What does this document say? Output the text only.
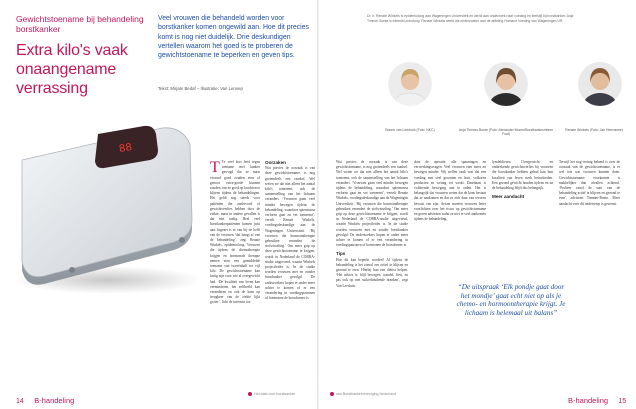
Gewichtstoename bij behandeling borstkanker
Extra kilo's vaak onaangename verrassing
Veel vrouwen die behandeld worden voor borstkanker komen ongewild aan. Hoe dit precies komt is nog niet duidelijk. Drie deskundigen vertellen waarom het goed is te proberen de gewichtstoename te beperken en geven tips.
Tekst: Mirjam Bedaf – Illustratie: Van Lennep
88
T Te veel kort leed tegen toename met kanker gewogd dat ze maar vrouwd goed zouden eten of genoot extra-goede kunnen zouden, om ze goed op krachten te blijven tijdens de behandelingen. Het geldt nog steeds voor patiënten die ondervoed of gewichtsverlies hebben door de ziekte, maar in andere gevallen is dat niet nodig. Heel veel borstkankerpatiënten komen juist aan. Ingezet is er van bij de helft van de vrouwen ‘dat hangt af van de behandeling’, zegt Renate Winkels, epidemioloog. Vrouwen die tijdens de chemotherapie krijgen en hormonale therapie nemen zien een gemiddelde toename van tweeënhalf tot vijf kilo. De gewichtstoename kan lastig zijn voor wie al overgewicht had. ‘De kwaliteit van leven kan verminderen, het zelfbeeld kan veranderen en ook de kans op terugkeer van de ziekte lijkt groter’, licht de internist toe.
Oorzaken
Wat precies de oorzaak is van deze gewichtstoename, is nog grotendeels een raadsel. Wel weten we dat niet alleen het aantal kilo's toeneemt, ook de samenstelling van het lichaam verandert. ‘Vrouwen gaan veel minder bewegen tijdens de behandeling, waardoor spiermassa verloren gaat en vet toeneemt’, vertelt Renate Winkels, voedingsdeskundige aan de Wageningen Universiteit. ‘Bij vrouwen die hormoontherapie gebruiken verandert de stofwisseling.’ Om meer grip op deze gewichtstoename te krijgen, wordt in Nederland de COBRA-studie uitgevoerd, waarin Winkels projectleider is. In de studie worden vrouwen met en zonder borstkanker gevolgd. De onderzoekers hopen er onder meer achter te komen of er een verandering in voedingspatronen of hormonen de boosdoener is.
14 B-handeling
Het blad over borstkanker
Dr. Ir. Renate Winkels is epidemioloog aan Wageningen Universiteit en werkt aan onderzoek naar voeding en leefstijl bij borstkanker. Anja Timmer-Bonte is internist-oncoloog. Renate Winkels werkt als onderzoeker aan de afdeling Humane Voeding van Wageningen UR.
Bonne van Leerhuis (Foto: NKC)	Anja Timmer-Bonte (Foto: Alexander Munro/Borstkankerzieken Fuut)
Renate Winkels (Foto: Jan Hermanse)
Wat precies de oorzaak is van deze gewichtstoename, is nog grotendeels een raadsel. Wel weten we dat niet alleen het aantal kilo's toeneemt, ook de samenstelling van het lichaam verandert. ‘Vrouwen gaan veel minder bewegen tijdens de behandeling, waardoor spiermassa verloren gaat en vet toeneemt’, vertelt Renate Winkels, voedingsdeskundige aan de Wageningen Universiteit. ‘Bij vrouwen die hormoontherapie gebruiken verandert de stofwisseling.’ Om meer grip op deze gewichtstoename te krijgen, wordt in Nederland de COBRA-studie uitgevoerd, waarin Winkels projectleider is. In de studie worden vrouwen met en zonder borstkanker gevolgd. De onderzoekers hopen er onder meer achter te komen of er een verandering in voedingspatronen of hormonen de boosdoener is.
Tips
Hoe dit kan beperkt worden? Al tijdens de behandeling is het zinvol om actief te blijven en gezond te eten. Hierbij kan een diëtist helpen. ‘Het advies is: blijf bewegen, wandel, fiets, en pas ook op met suikerhoudende dranken’, zegt Van Leerhuis.
door de operatie, alle spanningen en verwerkingsvragen. Veel vrouwen eten meer en bewegen minder. Wij stellen vaak vast dat een voeding met veel groenten en fruit, volkoren producten en weinig vet werkt. Daarnaast is voldoende beweging aan te raden. Het is belangrijk dat vrouwen weten dat de kans bestaat dat ze aankomen en dat ze zich daar van tevoren bewust van zijn. Artsen moeten vrouwen beter voorlichten over het risico op gewichtstoename en geven adviezen zodat ze niet te veel aankomen tijdens de behandeling.
lymfeklieren. Overgewicht en ontbrekende gewichtsverlies bij vrouwen die borstkanker hebben gehad kan hun kwaliteit van leven sterk beïnvloeden. Een gezond gewicht houden tijdens en na de behandeling blijft dus belangrijk.
Meer aandacht
Terwijl het nog weinig bekend is over de oorzaak van de gewichtstoename, is er wel iets wat vrouwen kunnen doen. Gewichtstoename voorkomen is makkelijker dan afvallen achteraf. ‘Probeer vanaf de start van de behandeling actief te blijven en gezond te eten’, adviseert Timmer-Bonte. Meer aandacht voor dit onderwerp is gewenst.
“De uitspraak ‘Elk pondje gaat door het mondje’ gaat echt niet op als je chemo- en hormoontherapie krijgt. Je lichaam is helemaal uit balans”
van Borstkankervereniging Nederland
B-handeling 15
